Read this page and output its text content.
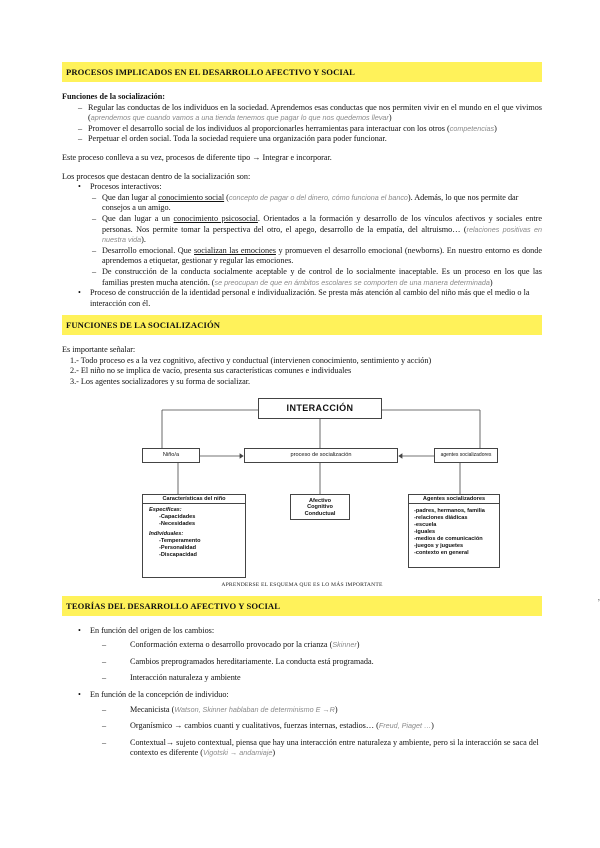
PROCESOS IMPLICADOS EN EL DESARROLLO AFECTIVO Y SOCIAL

Funciones de la socialización:

– Regular las conductas de los individuos en la sociedad. Aprendemos esas conductas que nos permiten vivir en el mundo en el que vivimos (aprendemos que cuando vamos a una tienda tenemos que pagar lo que nos quedemos llevar)

– Promover el desarrollo social de los individuos al proporcionarles herramientas para interactuar con los otros (competencias)

– Perpetuar el orden social. Toda la sociedad requiere una organización para poder funcionar.

Este proceso conlleva a su vez, procesos de diferente tipo → Integrar e incorporar.

Los procesos que destacan dentro de la socialización son:

•	Procesos interactivos:

– Que dan lugar al conocimiento social (concepto de pagar o del dinero, cómo funciona el banco). Además, lo que nos permite dar consejos a un amigo.

– Que dan lugar a un conocimiento psicosocial. Orientados a la formación y desarrollo de los vínculos afectivos y sociales entre personas. Nos permite tomar la perspectiva del otro, el apego, desarrollo de la empatía, del altruismo… (relaciones positivas en nuestra vida).

– Desarrollo emocional. Que socializan las emociones y promueven el desarrollo emocional (newborns). En nuestro entorno es donde aprendemos a etiquetar, gestionar y regular las emociones.

– De construcción de la conducta socialmente aceptable y de control de lo socialmente inaceptable. Es un proceso en los que las familias presten mucha atención. (se preocupan de que en ámbitos escolares se comporten de una manera determinada)

•	Proceso de construcción de la identidad personal e individualización. Se presta más atención al cambio del niño más que el medio o la interacción con él.

FUNCIONES DE LA SOCIALIZACIÓN

Es importante señalar:

1.- Todo proceso es a la vez cognitivo, afectivo y conductual (intervienen conocimiento, sentimiento y acción)

2.- El niño no se implica de vacío, presenta sus características comunes e individuales

3.- Los agentes socializadores y su forma de socializar.

INTERACCIÓN
Niño/a	proceso de socialización	agentes socializadores
Características del niño
Específicas:
-Capacidades
-Necesidades
Individuales:
-Temperamento
-Personalidad
-Discapacidad
Afectivo
Cognitivo
Conductual
Agentes socializadores
-padres, hermanos, familia
-relaciones diádicas
-escuela
-iguales
-medios de comunicación
-juegos y juguetes
-contexto en general
APRENDERSE EL ESQUEMA QUE ES LO MÁS IMPORTANTE
TEORÍAS DEL DESARROLLO AFECTIVO Y SOCIAL
•	En función del origen de los cambios:

–	Conformación externa o desarrollo provocado por la crianza (Skinner)

–	Cambios preprogramados hereditariamente. La conducta está programada.

–	Interacción naturaleza y ambiente

•	En función de la concepción de individuo:

–	Mecanicista (Watson, Skinner hablaban de determinismo E →R)

–	Organísmico → cambios cuanti y cualitativos, fuerzas internas, estadios… (Freud, Piaget …)

–	Contextual→ sujeto contextual, piensa que hay una interacción entre naturaleza y ambiente, pero si la interacción se saca del contexto es diferente (Vigotski → andamiaje)

,
